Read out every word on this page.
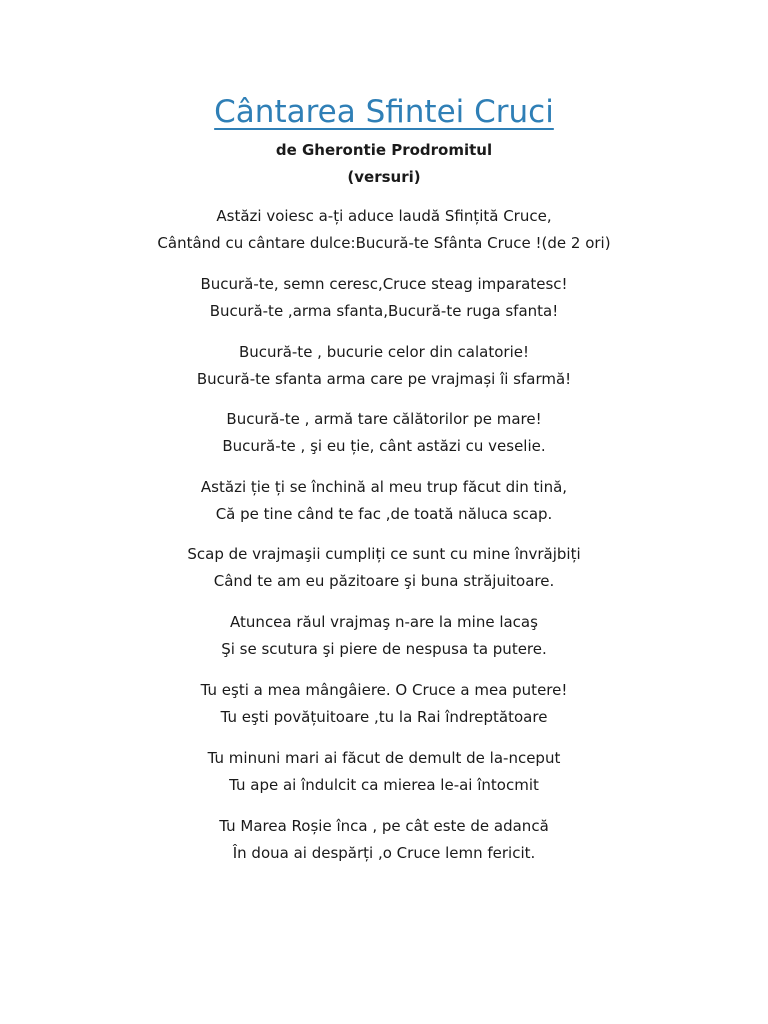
Cântarea Sfintei Cruci
de Gherontie Prodromitul
(versuri)
Astăzi voiesc a-ți aduce laudă Sfințită Cruce,
Cântând cu cântare dulce:Bucură-te Sfânta Cruce !(de 2 ori)
Bucură-te, semn ceresc,Cruce steag imparatesc!
Bucură-te ,arma sfanta,Bucură-te ruga sfanta!
Bucură-te , bucurie celor din calatorie!
Bucură-te sfanta arma care pe vrajmași îi sfarmă!
Bucură-te , armă tare călătorilor pe mare!
Bucură-te , şi eu ție, cânt astăzi cu veselie.
Astăzi ție ți se închină al meu trup făcut din tină,
Că pe tine când te fac ,de toată năluca scap.
Scap de vrajmaşii cumpliți ce sunt cu mine învrăjbiți
Când te am eu păzitoare şi buna străjuitoare.
Atuncea răul vrajmaş n-are la mine lacaş
Şi se scutura şi piere de nespusa ta putere.
Tu eşti a mea mângâiere. O Cruce a mea putere!
Tu eşti povățuitoare ,tu la Rai îndreptătoare
Tu minuni mari ai făcut de demult de la-nceput
Tu ape ai îndulcit ca mierea le-ai întocmit
Tu Marea Roșie înca , pe cât este de adancă
În doua ai despărți ,o Cruce lemn fericit.
